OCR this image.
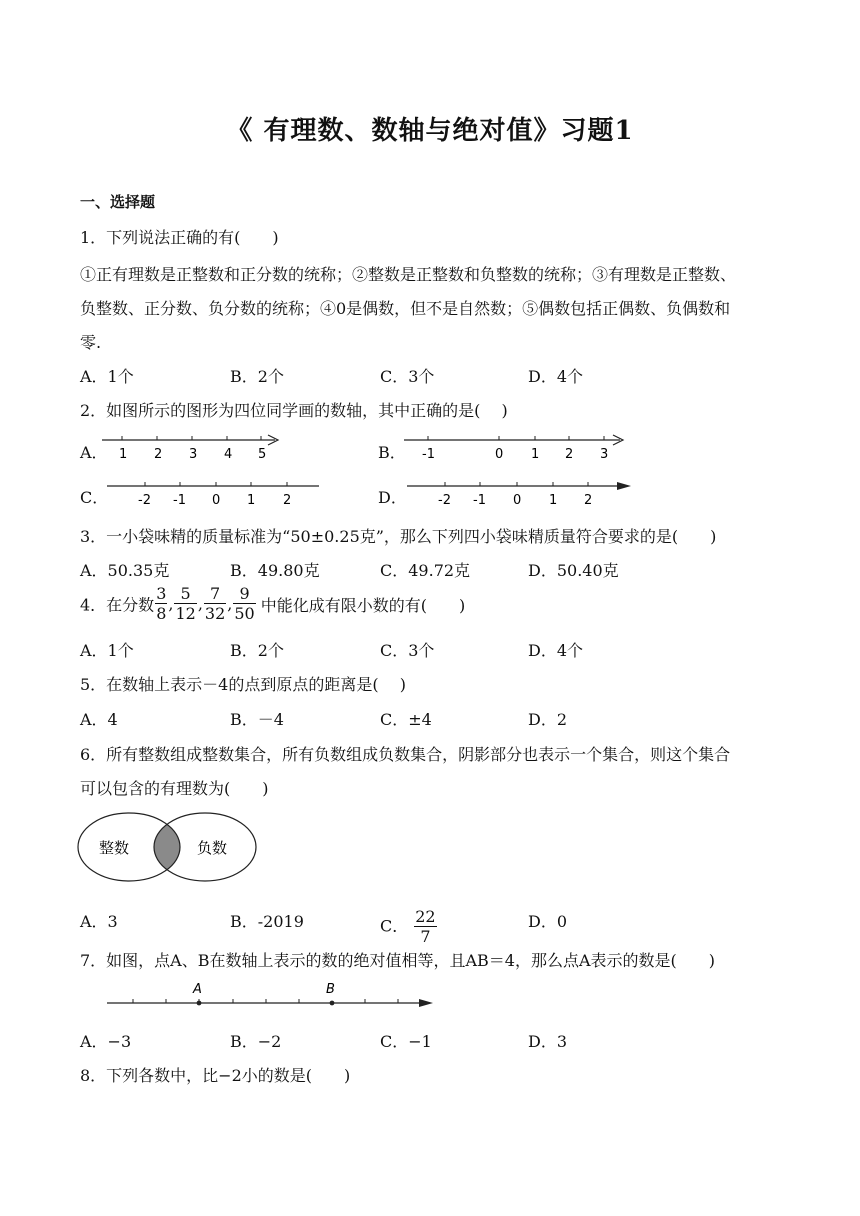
《 有理数、数轴与绝对值》习题1
一、选择题
1．下列说法正确的有(　　)
①正有理数是正整数和正分数的统称；②整数是正整数和负整数的统称；③有理数是正整数、
负整数、正分数、负分数的统称；④0是偶数，但不是自然数；⑤偶数包括正偶数、负偶数和
零.
A．1个	B．2个	C．3个	D．4个
2．如图所示的图形为四位同学画的数轴，其中正确的是(　 )
A．	B．
C．	D．
1 2 3 4 5	-1	0 1 2 3
-2 -1 0 1 2	-2 -1 0 1 2
3．一小袋味精的质量标准为“50±0.25克”，那么下列四小袋味精质量符合要求的是(　　)
A．50.35克	B．49.80克	C．49.72克	D．50.40克
4．在分数 $\frac{3}{8}$ , $\frac{5}{12}$ , $\frac{7}{32}$ , $\frac{9}{50}$ 中能化成有限小数的有(　　)
A．1个	B．2个	C．3个	D．4个
5．在数轴上表示－4的点到原点的距离是(　 )
A．4	B．－4	C．±4	D．2
6．所有整数组成整数集合，所有负数组成负数集合，阴影部分也表示一个集合，则这个集合
可以包含的有理数为(　　)
整数	负数
A．3	B．-2019	C． $\frac{22}{7}$	D．0
7．如图，点A、B在数轴上表示的数的绝对值相等，且AB＝4，那么点A表示的数是(　　)
A	B
A．−3	B．−2	C．−1	D．3
8．下列各数中，比−2小的数是(　　)
